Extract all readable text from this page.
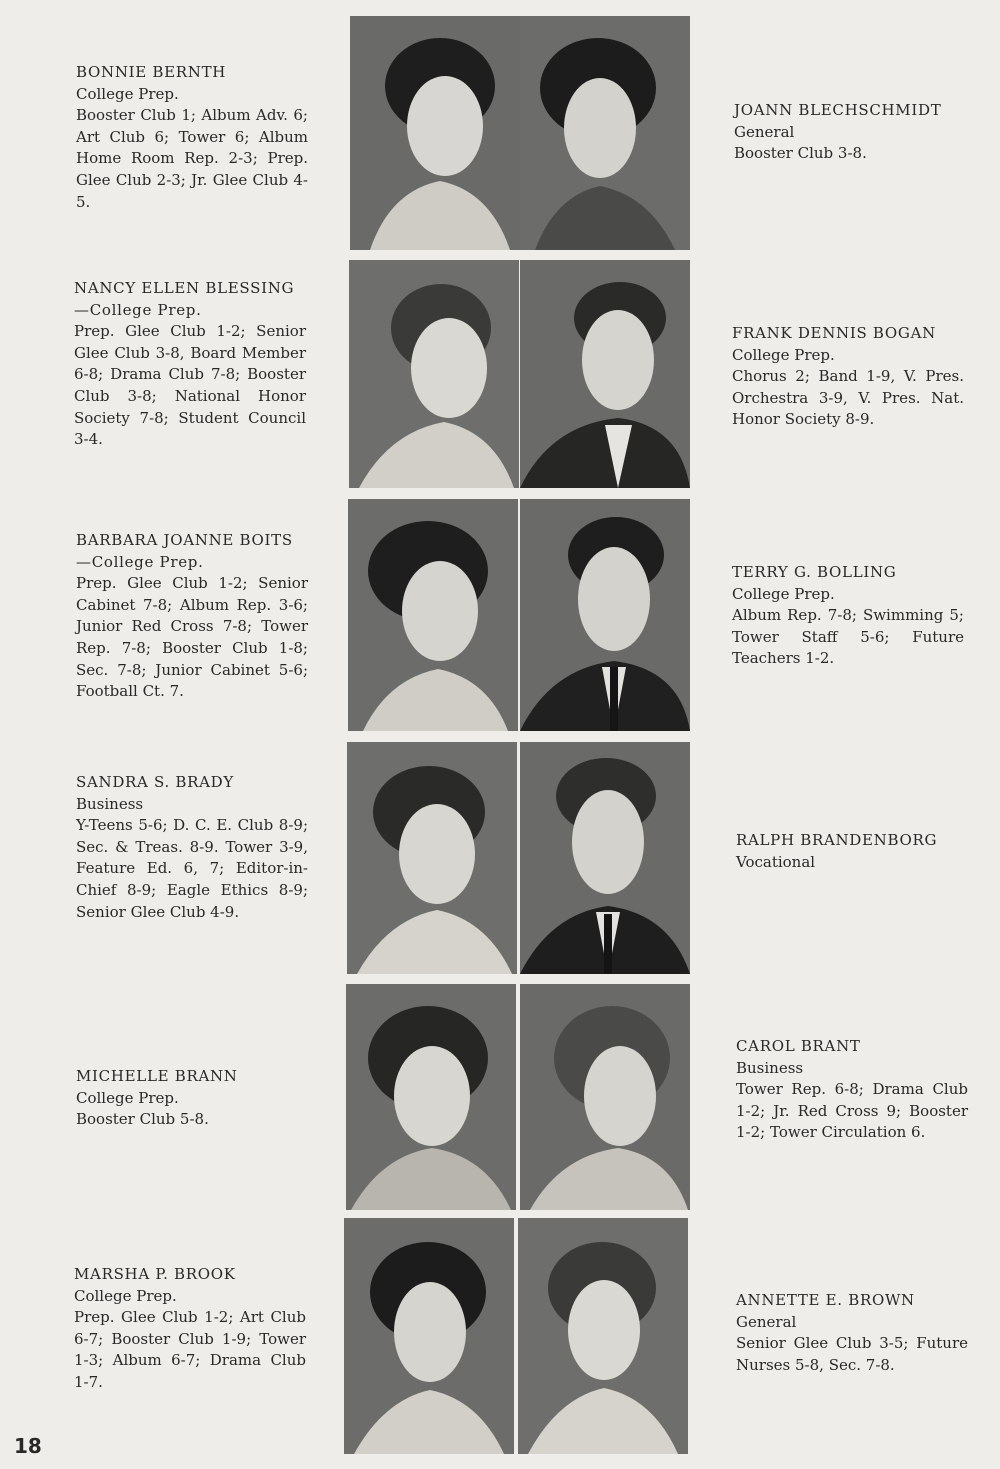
BONNIE BERNTH
College Prep.
Booster Club 1; Album Adv. 6; Art Club 6; Tower 6; Album Home Room Rep. 2-3; Prep. Glee Club 2-3; Jr. Glee Club 4-5.
JOANN BLECHSCHMIDT
General
Booster Club 3-8.
NANCY ELLEN BLESSING—College Prep.
Prep. Glee Club 1-2; Senior Glee Club 3-8, Board Member 6-8; Drama Club 7-8; Booster Club 3-8; National Honor Society 7-8; Student Council 3-4.
FRANK DENNIS BOGAN
College Prep.
Chorus 2; Band 1-9, V. Pres. Orchestra 3-9, V. Pres. Nat. Honor Society 8-9.
BARBARA JOANNE BOITS—College Prep.
Prep. Glee Club 1-2; Senior Cabinet 7-8; Album Rep. 3-6; Junior Red Cross 7-8; Tower Rep. 7-8; Booster Club 1-8; Sec. 7-8; Junior Cabinet 5-6; Football Ct. 7.
TERRY G. BOLLING
College Prep.
Album Rep. 7-8; Swimming 5; Tower Staff 5-6; Future Teachers 1-2.
SANDRA S. BRADY
Business
Y-Teens 5-6; D. C. E. Club 8-9; Sec. & Treas. 8-9. Tower 3-9, Feature Ed. 6, 7; Editor-in-Chief 8-9; Eagle Ethics 8-9; Senior Glee Club 4-9.
RALPH BRANDENBORG
Vocational
MICHELLE BRANN
College Prep.
Booster Club 5-8.
CAROL BRANT
Business
Tower Rep. 6-8; Drama Club 1-2; Jr. Red Cross 9; Booster 1-2; Tower Circulation 6.
MARSHA P. BROOK
College Prep.
Prep. Glee Club 1-2; Art Club 6-7; Booster Club 1-9; Tower 1-3; Album 6-7; Drama Club 1-7.
ANNETTE E. BROWN
General
Senior Glee Club 3-5; Future Nurses 5-8, Sec. 7-8.
18
